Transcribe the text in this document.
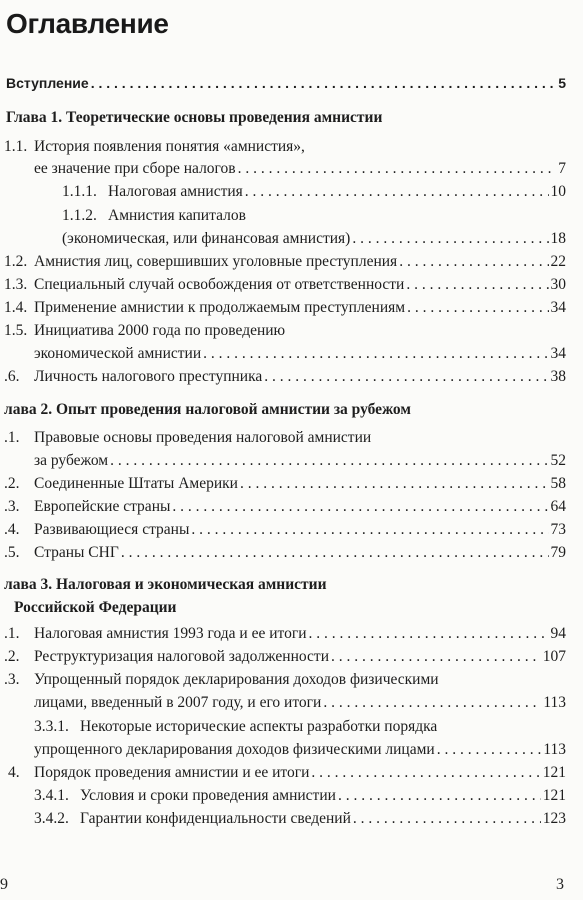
Оглавление
Вступление . . .	5
Глава 1. Теоретические основы проведения амнистии
1.1. История появления понятия «амнистия»,
ее значение при сборе налогов . . .	7
1.1.1. Налоговая амнистия . . .	10
1.1.2. Амнистия капиталов
(экономическая, или финансовая амнистия) . . .	18
1.2. Амнистия лиц, совершивших уголовные преступления . . .	22
1.3. Специальный случай освобождения от ответственности . . .	30
1.4. Применение амнистии к продолжаемым преступлениям . . .	34
1.5. Инициатива 2000 года по проведению
экономической амнистии . . .	34
.6. Личность налогового преступника . . .	38
лава 2. Опыт проведения налоговой амнистии за рубежом
.1. Правовые основы проведения налоговой амнистии
за рубежом . . .	52
.2. Соединенные Штаты Америки . . .	58
.3. Европейские страны . . .	64
.4. Развивающиеся страны . . .	73
.5. Страны СНГ . . .	79
лава 3. Налоговая и экономическая амнистии
Российской Федерации
.1. Налоговая амнистия 1993 года и ее итоги . . .	94
.2. Реструктуризация налоговой задолженности . . .	107
.3. Упрощенный порядок декларирования доходов физическими
лицами, введенный в 2007 году, и его итоги . . .	113
3.3.1. Некоторые исторические аспекты разработки порядка
упрощенного декларирования доходов физическими лицами . . .	113
4. Порядок проведения амнистии и ее итоги . . .	121
3.4.1. Условия и сроки проведения амнистии . . .	121
3.4.2. Гарантии конфиденциальности сведений . . .	123
9	3
